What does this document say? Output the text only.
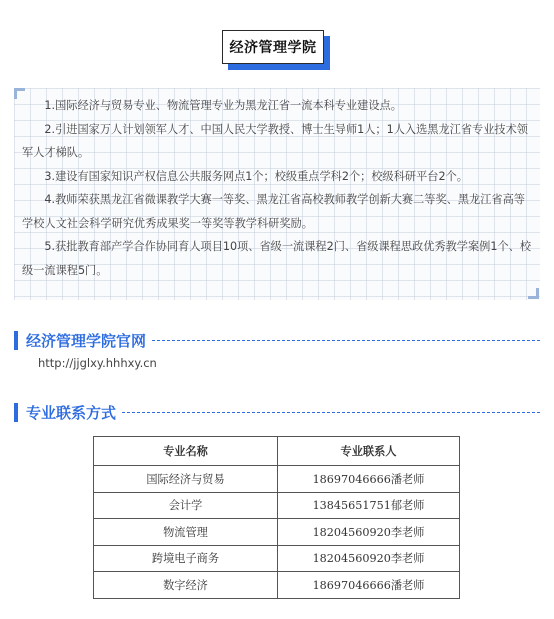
经济管理学院

1.国际经济与贸易专业、物流管理专业为黑龙江省一流本科专业建设点。

2.引进国家万人计划领军人才、中国人民大学教授、博士生导师1人；1人入选黑龙江省专业技术领军人才梯队。

3.建设有国家知识产权信息公共服务网点1个；校级重点学科2个；校级科研平台2个。

4.教师荣获黑龙江省微课教学大赛一等奖、黑龙江省高校教师教学创新大赛二等奖、黑龙江省高等学校人文社会科学研究优秀成果奖一等奖等教学科研奖励。

5.获批教育部产学合作协同育人项目10项、省级一流课程2门、省级课程思政优秀教学案例1个、校级一流课程5门。

经济管理学院官网
http://jjglxy.hhhxy.cn
专业联系方式
专业名称	专业联系人
国际经济与贸易	18697046666潘老师
会计学	13845651751郁老师
物流管理	18204560920李老师
跨境电子商务	18204560920李老师
数字经济	18697046666潘老师
